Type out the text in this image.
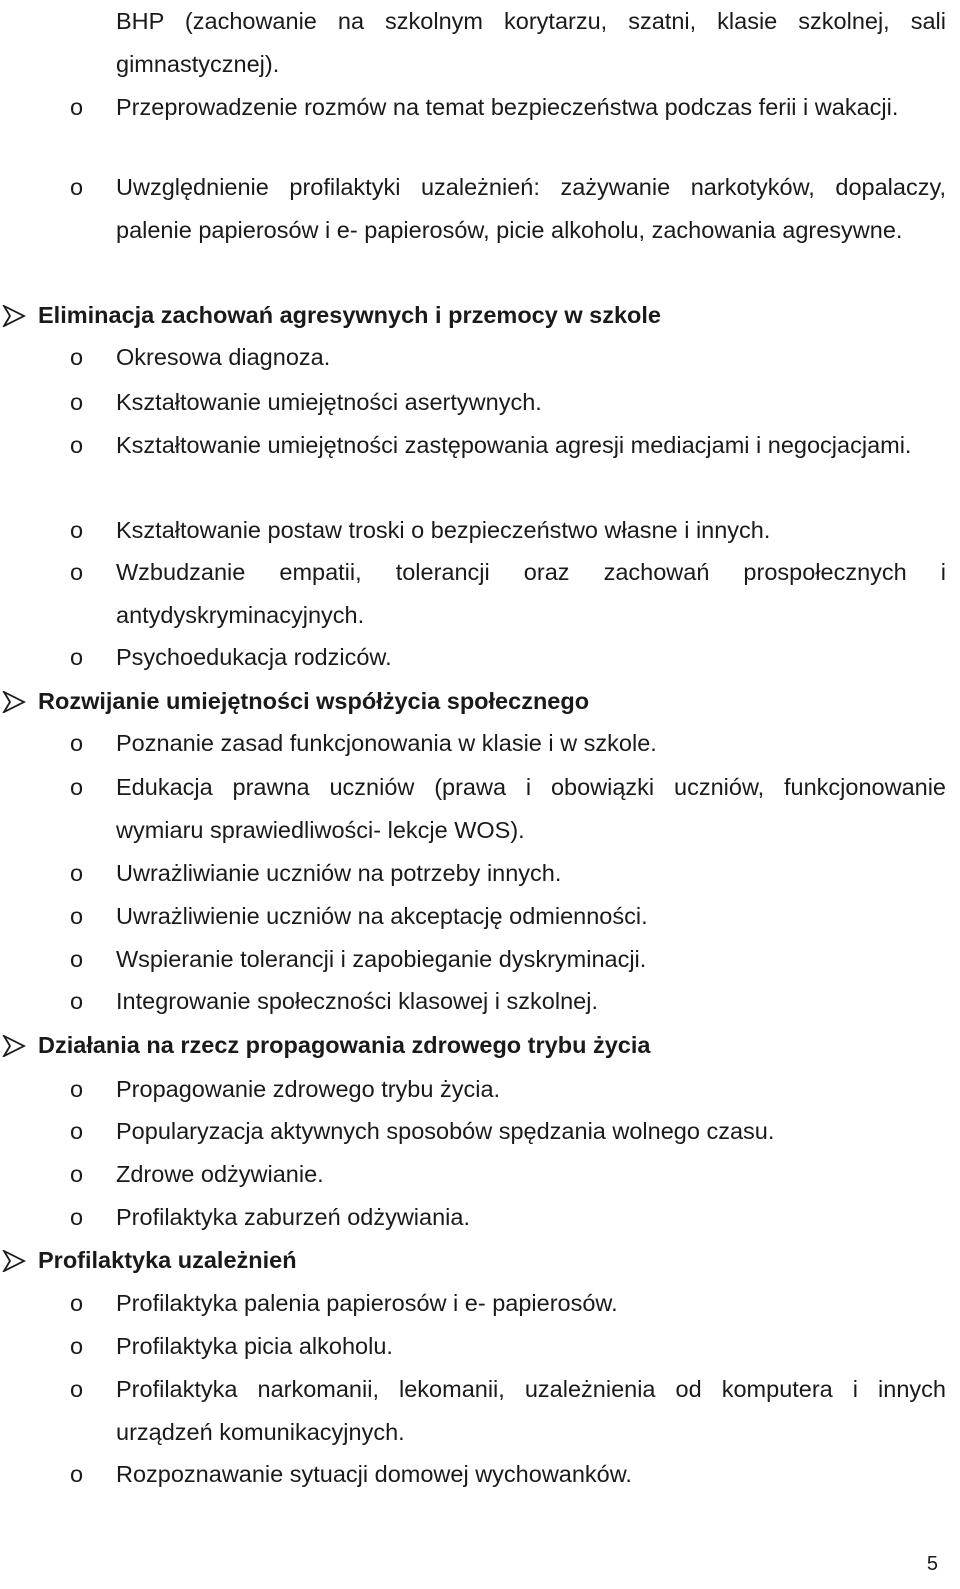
BHP (zachowanie na szkolnym korytarzu, szatni, klasie szkolnej, sali gimnastycznej).
o	Przeprowadzenie rozmów na temat bezpieczeństwa podczas ferii i wakacji.
o	Uwzględnienie profilaktyki uzależnień: zażywanie narkotyków, dopalaczy, palenie papierosów i e- papierosów, picie alkoholu, zachowania agresywne.
Eliminacja zachowań agresywnych i przemocy w szkole
o	Okresowa diagnoza.
o	Kształtowanie umiejętności asertywnych.
o	Kształtowanie umiejętności zastępowania agresji mediacjami i negocjacjami.
o	Kształtowanie postaw troski o bezpieczeństwo własne i innych.
o	Wzbudzanie empatii, tolerancji oraz zachowań prospołecznych i antydyskryminacyjnych.
o	Psychoedukacja rodziców.
Rozwijanie umiejętności współżycia społecznego
o	Poznanie zasad funkcjonowania w klasie i w szkole.
o	Edukacja prawna uczniów (prawa i obowiązki uczniów, funkcjonowanie wymiaru sprawiedliwości- lekcje WOS).
o	Uwrażliwianie uczniów na potrzeby innych.
o	Uwrażliwienie uczniów na akceptację odmienności.
o	Wspieranie tolerancji i zapobieganie dyskryminacji.
o	Integrowanie społeczności klasowej i szkolnej.
Działania na rzecz propagowania zdrowego trybu życia
o	Propagowanie zdrowego trybu życia.
o	Popularyzacja aktywnych sposobów spędzania wolnego czasu.
o	Zdrowe odżywianie.
o	Profilaktyka zaburzeń odżywiania.
Profilaktyka uzależnień
o	Profilaktyka palenia papierosów i e- papierosów.
o	Profilaktyka picia alkoholu.
o	Profilaktyka narkomanii, lekomanii, uzależnienia od komputera i innych urządzeń komunikacyjnych.
o	Rozpoznawanie sytuacji domowej wychowanków.
5
